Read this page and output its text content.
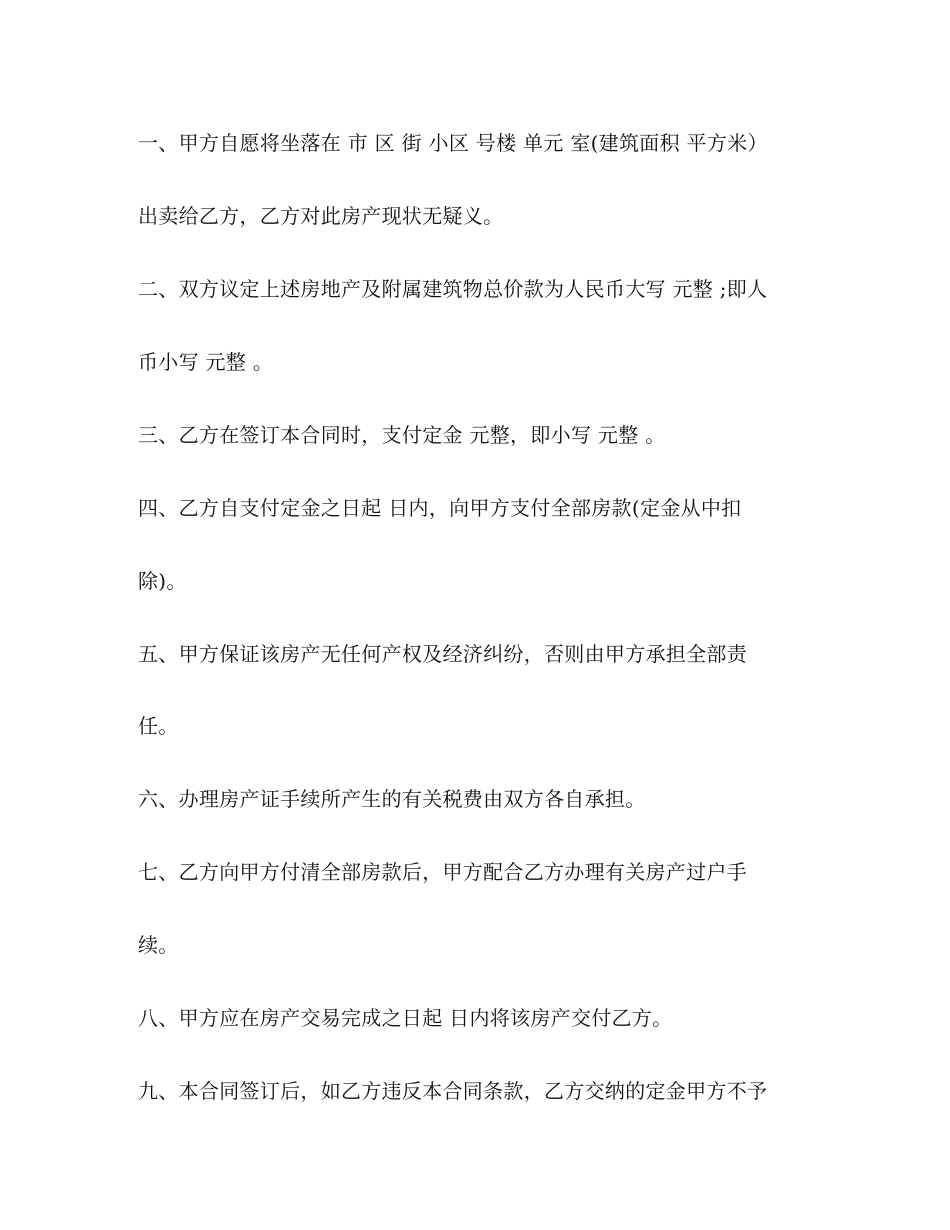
一、甲方自愿将坐落在 市 区 街 小区 号楼 单元 室(建筑面积 平方米）
出卖给乙方，乙方对此房产现状无疑义。
二、双方议定上述房地产及附属建筑物总价款为人民币大写 元整 ;即人
币小写 元整 。
三、乙方在签订本合同时，支付定金 元整，即小写 元整 。
四、乙方自支付定金之日起 日内，向甲方支付全部房款(定金从中扣
除)。
五、甲方保证该房产无任何产权及经济纠纷，否则由甲方承担全部责
任。
六、办理房产证手续所产生的有关税费由双方各自承担。
七、乙方向甲方付清全部房款后，甲方配合乙方办理有关房产过户手
续。
八、甲方应在房产交易完成之日起 日内将该房产交付乙方。
九、本合同签订后，如乙方违反本合同条款，乙方交纳的定金甲方不予
